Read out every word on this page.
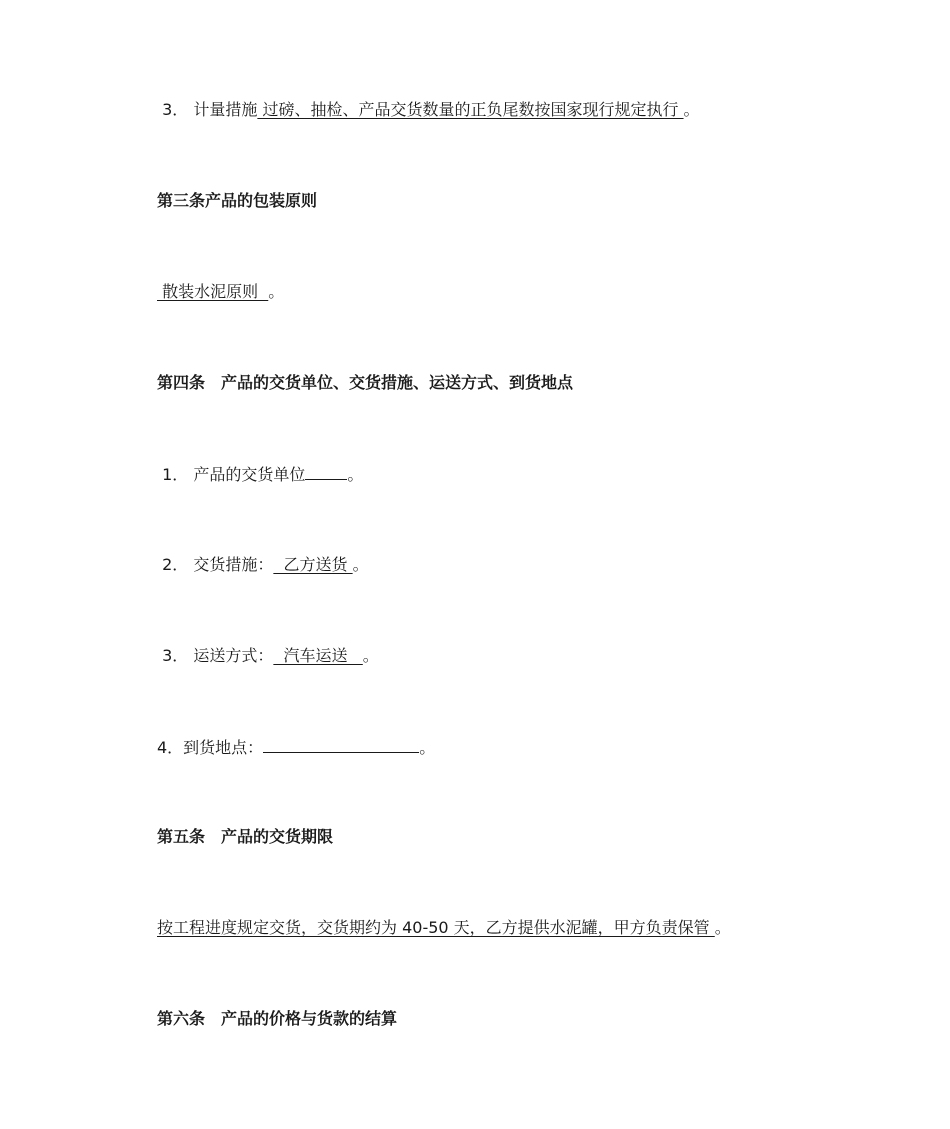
3． 计量措施 过磅、抽检、产品交货数量的正负尾数按国家现行规定执行 。
第三条产品的包装原则
散装水泥原则  。
第四条　产品的交货单位、交货措施、运送方式、到货地点
1． 产品的交货单位	。
2． 交货措施：  乙方送货 。
3． 运送方式：  汽车运送   。
4．到货地点：	。
第五条　产品的交货期限
按工程进度规定交货，交货期约为 40-50 天，乙方提供水泥罐，甲方负责保管 。
第六条　产品的价格与货款的结算
